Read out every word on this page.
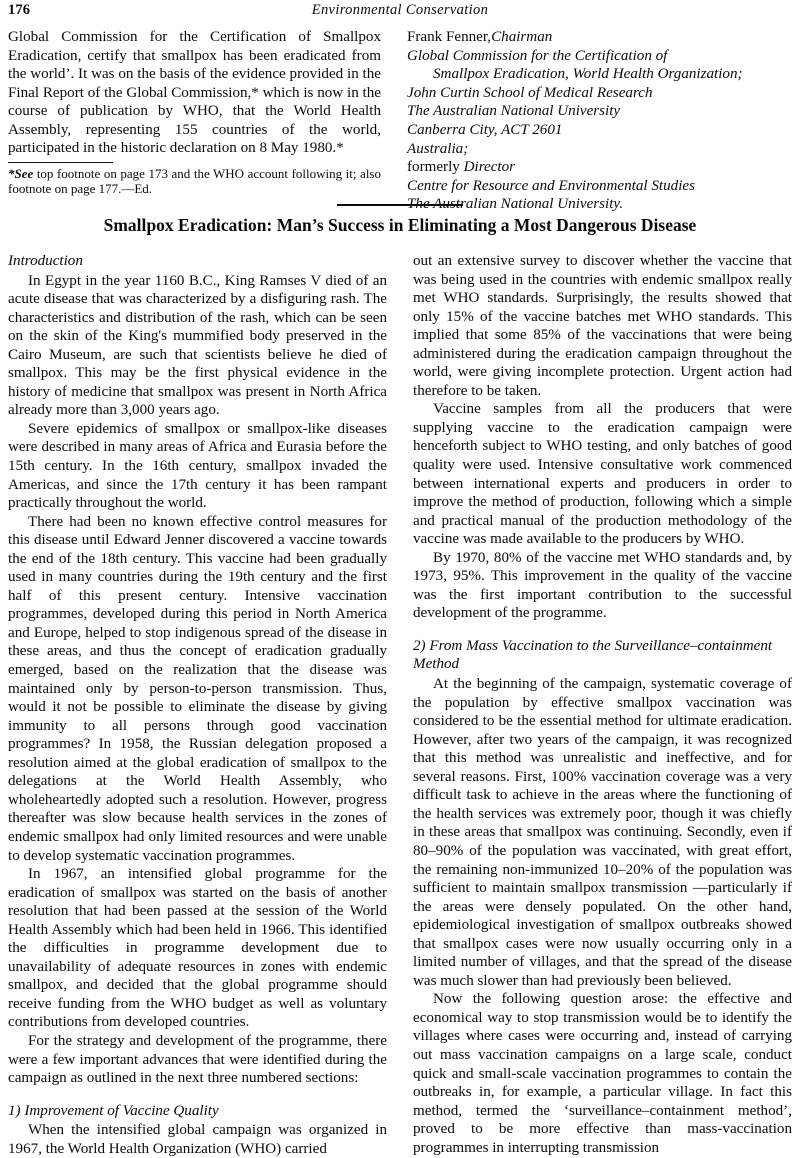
176	Environmental Conservation

Global Commission for the Certification of Smallpox Eradication, certify that smallpox has been eradicated from the world’. It was on the basis of the evidence provided in the Final Report of the Global Commission,* which is now in the course of publication by WHO, that the World Health Assembly, representing 155 countries of the world, participated in the historic declaration on 8 May 1980.*

*See top footnote on page 173 and the WHO account following it; also footnote on page 177.—Ed.

Frank Fenner,Chairman
Global Commission for the Certification of
Smallpox Eradication, World Health Organization;
John Curtin School of Medical Research
The Australian National University
Canberra City, ACT 2601
Australia;
formerly Director
Centre for Resource and Environmental Studies
The Australian National University.
Smallpox Eradication: Man’s Success in Eliminating a Most Dangerous Disease
Introduction

In Egypt in the year 1160 B.C., King Ramses V died of an acute disease that was characterized by a disfiguring rash. The characteristics and distribution of the rash, which can be seen on the skin of the King's mummified body preserved in the Cairo Museum, are such that scientists believe he died of smallpox. This may be the first physical evidence in the history of medicine that smallpox was present in North Africa already more than 3,000 years ago.

Severe epidemics of smallpox or smallpox-like diseases were described in many areas of Africa and Eurasia before the 15th century. In the 16th century, smallpox invaded the Americas, and since the 17th century it has been rampant practically throughout the world.

There had been no known effective control measures for this disease until Edward Jenner discovered a vaccine towards the end of the 18th century. This vaccine had been gradually used in many countries during the 19th century and the first half of this present century. Intensive vaccination programmes, developed during this period in North America and Europe, helped to stop indigenous spread of the disease in these areas, and thus the concept of eradication gradually emerged, based on the realization that the disease was maintained only by person-to-person transmission. Thus, would it not be possible to eliminate the disease by giving immunity to all persons through good vaccination programmes? In 1958, the Russian delegation proposed a resolution aimed at the global eradication of smallpox to the delegations at the World Health Assembly, who wholeheartedly adopted such a resolution. However, progress thereafter was slow because health services in the zones of endemic smallpox had only limited resources and were unable to develop systematic vaccination programmes.

In 1967, an intensified global programme for the eradication of smallpox was started on the basis of another resolution that had been passed at the session of the World Health Assembly which had been held in 1966. This identified the difficulties in programme development due to unavailability of adequate resources in zones with endemic smallpox, and decided that the global programme should receive funding from the WHO budget as well as voluntary contributions from developed countries.

For the strategy and development of the programme, there were a few important advances that were identified during the campaign as outlined in the next three numbered sections:

1) Improvement of Vaccine Quality

When the intensified global campaign was organized in 1967, the World Health Organization (WHO) carried

out an extensive survey to discover whether the vaccine that was being used in the countries with endemic smallpox really met WHO standards. Surprisingly, the results showed that only 15% of the vaccine batches met WHO standards. This implied that some 85% of the vaccinations that were being administered during the eradication campaign throughout the world, were giving incomplete protection. Urgent action had therefore to be taken.

Vaccine samples from all the producers that were supplying vaccine to the eradication campaign were henceforth subject to WHO testing, and only batches of good quality were used. Intensive consultative work commenced between international experts and producers in order to improve the method of production, following which a simple and practical manual of the production methodology of the vaccine was made available to the producers by WHO.

By 1970, 80% of the vaccine met WHO standards and, by 1973, 95%. This improvement in the quality of the vaccine was the first important contribution to the successful development of the programme.

2) From Mass Vaccination to the Surveillance–containment Method

At the beginning of the campaign, systematic coverage of the population by effective smallpox vaccination was considered to be the essential method for ultimate eradication. However, after two years of the campaign, it was recognized that this method was unrealistic and ineffective, and for several reasons. First, 100% vaccination coverage was a very difficult task to achieve in the areas where the functioning of the health services was extremely poor, though it was chiefly in these areas that smallpox was continuing. Secondly, even if 80–90% of the population was vaccinated, with great effort, the remaining non-immunized 10–20% of the population was sufficient to maintain smallpox transmission —particularly if the areas were densely populated. On the other hand, epidemiological investigation of smallpox outbreaks showed that smallpox cases were now usually occurring only in a limited number of villages, and that the spread of the disease was much slower than had previously been believed.

Now the following question arose: the effective and economical way to stop transmission would be to identify the villages where cases were occurring and, instead of carrying out mass vaccination campaigns on a large scale, conduct quick and small-scale vaccination programmes to contain the outbreaks in, for example, a particular village. In fact this method, termed the ‘surveillance–containment method’, proved to be more effective than mass-vaccination programmes in interrupting transmission
